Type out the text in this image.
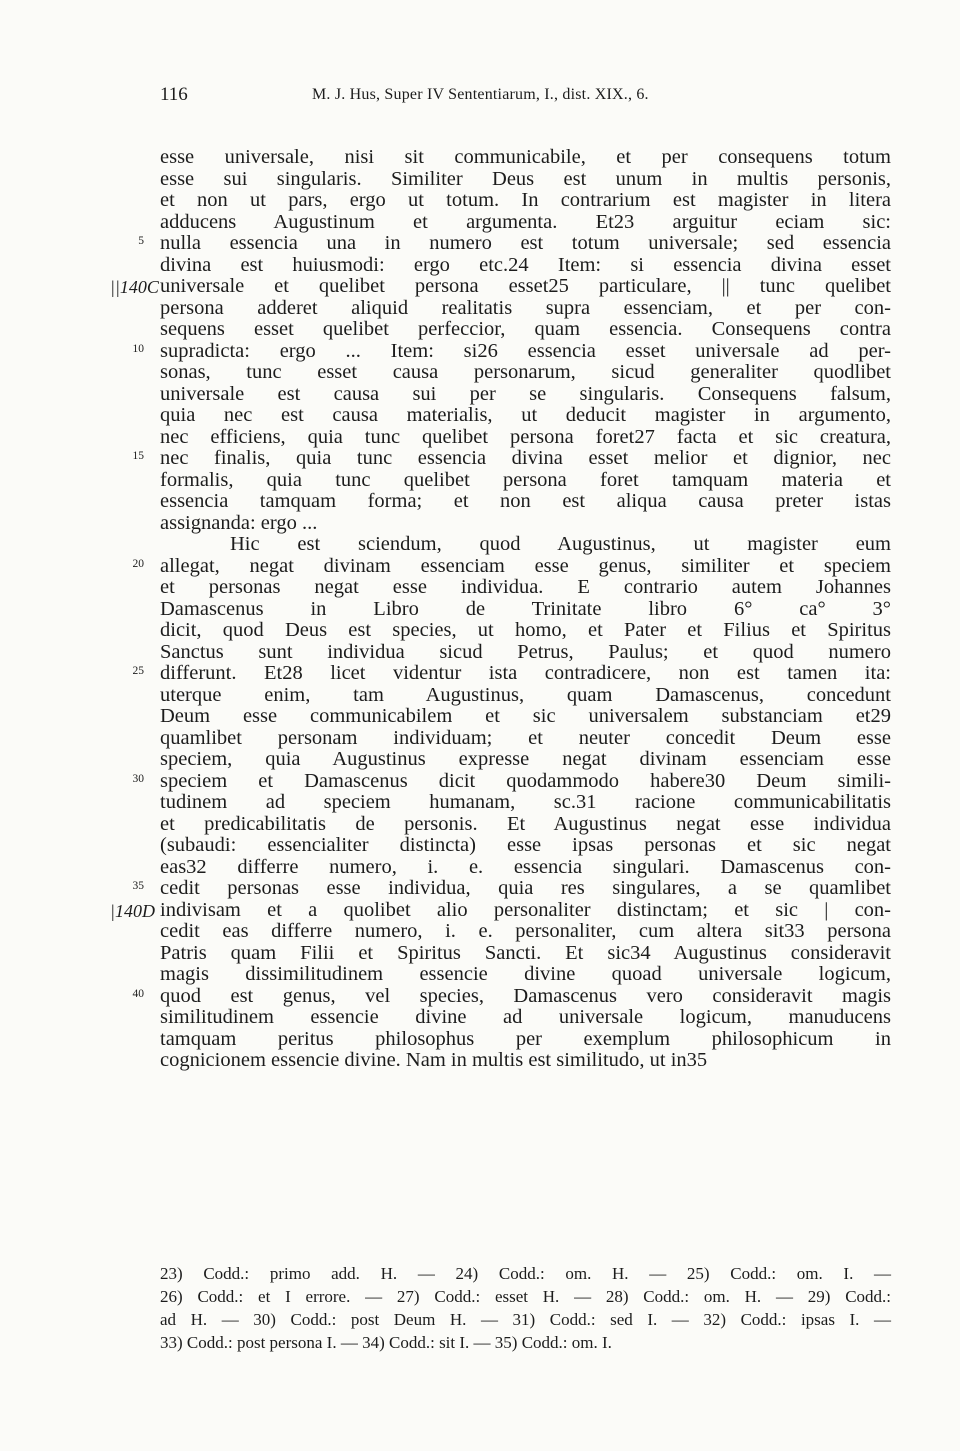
116	M. J. Hus, Super IV Sententiarum, I., dist. XIX., 6.
esse universale, nisi sit communicabile, et per consequens totum
esse sui singularis. Similiter Deus est unum in multis personis,
et non ut pars, ergo ut totum. In contrarium est magister in litera
adducens Augustinum et argumenta. Et23 arguitur eciam sic:
5 nulla essencia una in numero est totum universale; sed essencia
divina est huiusmodi: ergo etc.24 Item: si essencia divina esset
||140C universale et quelibet persona esset25 particulare, || tunc quelibet
persona adderet aliquid realitatis supra essenciam, et per con-
sequens esset quelibet perfeccior, quam essencia. Consequens contra
10 supradicta: ergo ... Item: si26 essencia esset universale ad per-
sonas, tunc esset causa personarum, sicud generaliter quodlibet
universale est causa sui per se singularis. Consequens falsum,
quia nec est causa materialis, ut deducit magister in argumento,
nec efficiens, quia tunc quelibet persona foret27 facta et sic creatura,
15 nec finalis, quia tunc essencia divina esset melior et dignior, nec
formalis, quia tunc quelibet persona foret tamquam materia et
essencia tamquam forma; et non est aliqua causa preter istas
assignanda: ergo ...
Hic est sciendum, quod Augustinus, ut magister eum
20 allegat, negat divinam essenciam esse genus, similiter et speciem
et personas negat esse individua. E contrario autem Johannes
Damascenus in Libro de Trinitate libro 6° ca° 3°
dicit, quod Deus est species, ut homo, et Pater et Filius et Spiritus
Sanctus sunt individua sicud Petrus, Paulus; et quod numero
25 differunt. Et28 licet videntur ista contradicere, non est tamen ita:
uterque enim, tam Augustinus, quam Damascenus, concedunt
Deum esse communicabilem et sic universalem substanciam et29
quamlibet personam individuam; et neuter concedit Deum esse
speciem, quia Augustinus expresse negat divinam essenciam esse
30 speciem et Damascenus dicit quodammodo habere30 Deum simili-
tudinem ad speciem humanam, sc.31 racione communicabilitatis
et predicabilitatis de personis. Et Augustinus negat esse individua
(subaudi: essencialiter distincta) esse ipsas personas et sic negat
eas32 differre numero, i. e. essencia singulari. Damascenus con-
35 cedit personas esse individua, quia res singulares, a se quamlibet
|140D indivisam et a quolibet alio personaliter distinctam; et sic | con-
cedit eas differre numero, i. e. personaliter, cum altera sit33 persona
Patris quam Filii et Spiritus Sancti. Et sic34 Augustinus consideravit
magis dissimilitudinem essencie divine quoad universale logicum,
40 quod est genus, vel species, Damascenus vero consideravit magis
similitudinem essencie divine ad universale logicum, manuducens
tamquam peritus philosophus per exemplum philosophicum in
cognicionem essencie divine. Nam in multis est similitudo, ut in35
23) Codd.: primo add. H. — 24) Codd.: om. H. — 25) Codd.: om. I. —
26) Codd.: et I errore. — 27) Codd.: esset H. — 28) Codd.: om. H. — 29) Codd.:
ad H. — 30) Codd.: post Deum H. — 31) Codd.: sed I. — 32) Codd.: ipsas I. —
33) Codd.: post persona I. — 34) Codd.: sit I. — 35) Codd.: om. I.
